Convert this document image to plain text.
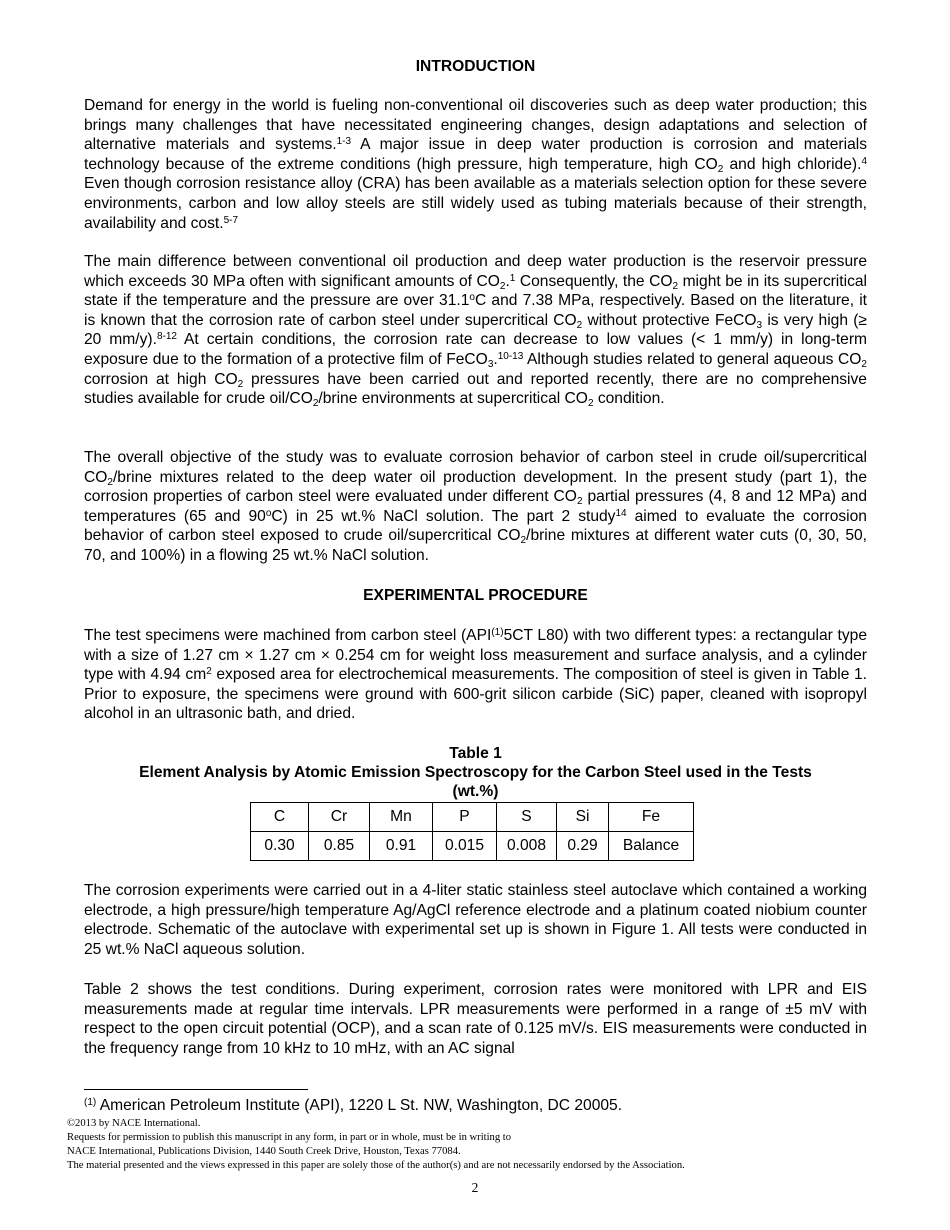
INTRODUCTION

Demand for energy in the world is fueling non-conventional oil discoveries such as deep water production; this brings many challenges that have necessitated engineering changes, design adaptations and selection of alternative materials and systems.$^{1-3}$ A major issue in deep water production is corrosion and materials technology because of the extreme conditions (high pressure, high temperature, high $CO_2$ and high chloride).$^4$ Even though corrosion resistance alloy (CRA) has been available as a materials selection option for these severe environments, carbon and low alloy steels are still widely used as tubing materials because of their strength, availability and cost.$^{5-7}$

The main difference between conventional oil production and deep water production is the reservoir pressure which exceeds 30 MPa often with significant amounts of $CO_2.^1$ Consequently, the $CO_2$ might be in its supercritical state if the temperature and the pressure are over 31.1$^o$C and 7.38 MPa, respectively. Based on the literature, it is known that the corrosion rate of carbon steel under supercritical $CO_2$ without protective FeCO$_3$ is very high (≥ 20 mm/y).$^{8-12}$ At certain conditions, the corrosion rate can decrease to low values (< 1 mm/y) in long-term exposure due to the formation of a protective film of FeCO$_3$.$^{10-13}$ Although studies related to general aqueous $CO_2$ corrosion at high $CO_2$ pressures have been carried out and reported recently, there are no comprehensive studies available for crude oil/$CO_2$/brine environments at supercritical $CO_2$ condition.

The overall objective of the study was to evaluate corrosion behavior of carbon steel in crude oil/supercritical $CO_2$/brine mixtures related to the deep water oil production development. In the present study (part 1), the corrosion properties of carbon steel were evaluated under different $CO_2$ partial pressures (4, 8 and 12 MPa) and temperatures (65 and 90$^o$C) in 25 wt.% NaCl solution. The part 2 study$^{14}$ aimed to evaluate the corrosion behavior of carbon steel exposed to crude oil/supercritical $CO_2$/brine mixtures at different water cuts (0, 30, 50, 70, and 100%) in a flowing 25 wt.% NaCl solution.

EXPERIMENTAL PROCEDURE

The test specimens were machined from carbon steel (API$^{(1)}$5CT L80) with two different types: a rectangular type with a size of 1.27 cm × 1.27 cm × 0.254 cm for weight loss measurement and surface analysis, and a cylinder type with 4.94 $cm^2$ exposed area for electrochemical measurements. The composition of steel is given in Table 1. Prior to exposure, the specimens were ground with 600-grit silicon carbide (SiC) paper, cleaned with isopropyl alcohol in an ultrasonic bath, and dried.

Table 1
Element Analysis by Atomic Emission Spectroscopy for the Carbon Steel used in the Tests
(wt.%)
C	Cr	Mn	P	S	Si	Fe
0.30	0.85	0.91	0.015	0.008	0.29	Balance

The corrosion experiments were carried out in a 4-liter static stainless steel autoclave which contained a working electrode, a high pressure/high temperature Ag/AgCl reference electrode and a platinum coated niobium counter electrode. Schematic of the autoclave with experimental set up is shown in Figure 1. All tests were conducted in 25 wt.% NaCl aqueous solution.

Table 2 shows the test conditions. During experiment, corrosion rates were monitored with LPR and EIS measurements made at regular time intervals. LPR measurements were performed in a range of ±5 mV with respect to the open circuit potential (OCP), and a scan rate of 0.125 mV/s. EIS measurements were conducted in the frequency range from 10 kHz to 10 mHz, with an AC signal

$^{(1)}$ American Petroleum Institute (API), 1220 L St. NW, Washington, DC 20005.
©2013 by NACE International.
Requests for permission to publish this manuscript in any form, in part or in whole, must be in writing to
NACE International, Publications Division, 1440 South Creek Drive, Houston, Texas 77084.
The material presented and the views expressed in this paper are solely those of the author(s) and are not necessarily endorsed by the Association.
2
